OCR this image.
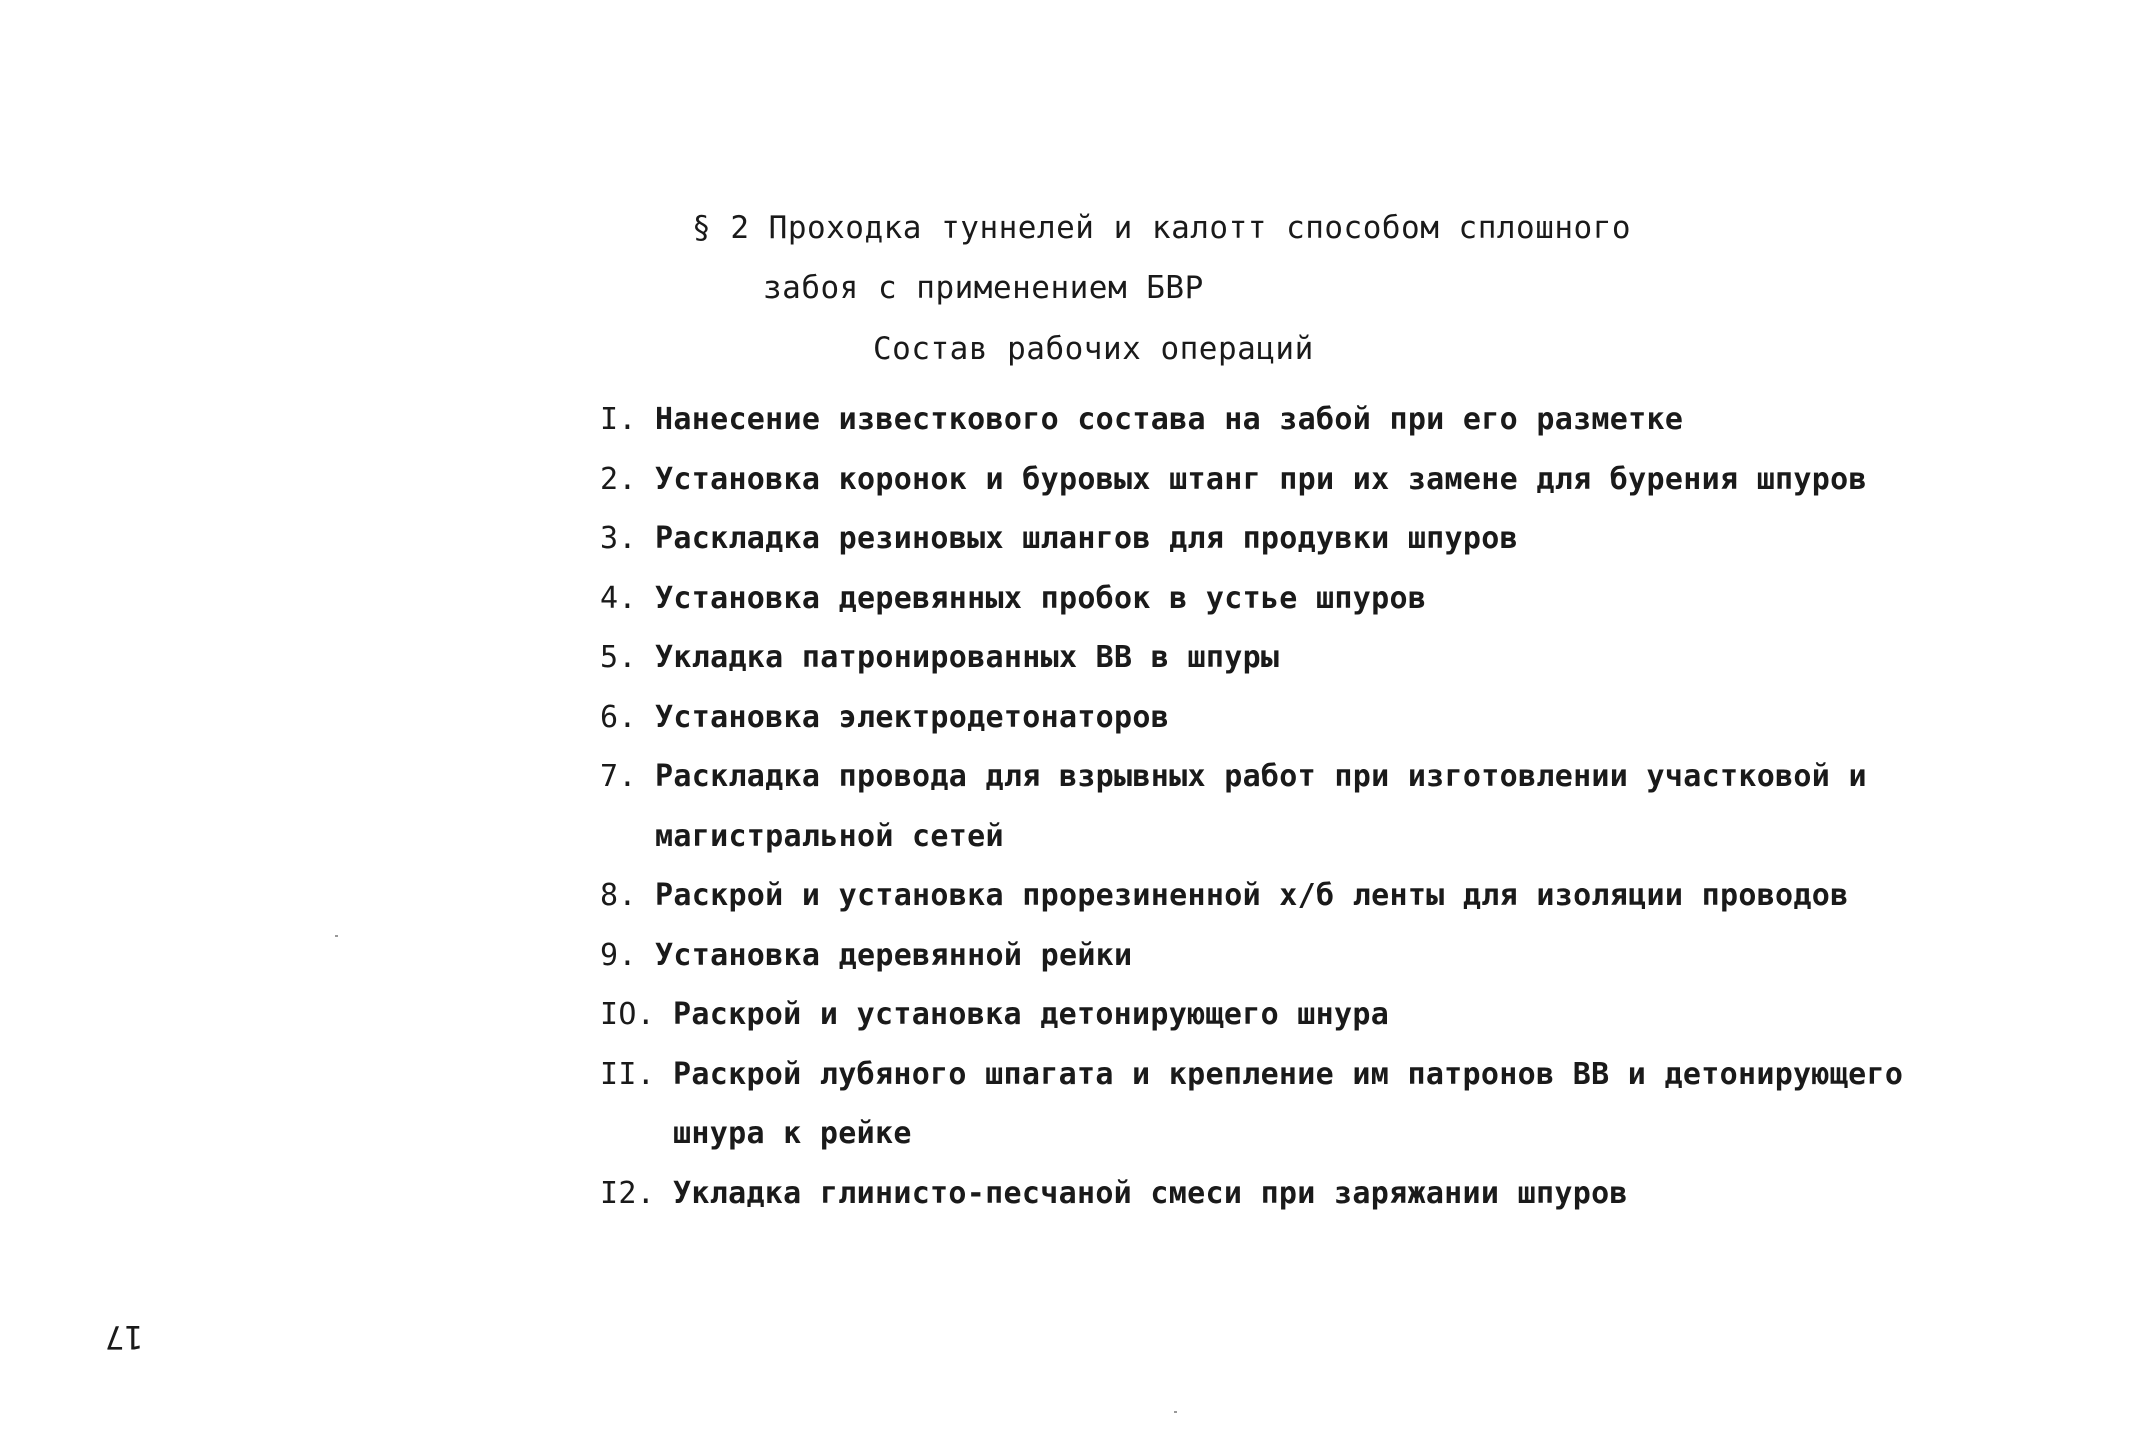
§ 2 Проходка туннелей и калотт способом сплошного
забоя с применением БВР
Состав рабочих операций
I. Нанесение известкового состава на забой при его разметке
2. Установка коронок и буровых штанг при их замене для бурения шпуров
3. Раскладка резиновых шлангов для продувки шпуров
4. Установка деревянных пробок в устье шпуров
5. Укладка патронированных ВВ в шпуры
6. Установка электродетонаторов
7. Раскладка провода для взрывных работ при изготовлении участковой и
магистральной сетей
8. Раскрой и установка прорезиненной х/б ленты для изоляции проводов
9. Установка деревянной рейки
IO. Раскрой и установка детонирующего шнура
II. Раскрой лубяного шпагата и крепление им патронов ВВ и детонирующего
шнура к рейке
I2. Укладка глинисто-песчаной смеси при заряжании шпуров
17
